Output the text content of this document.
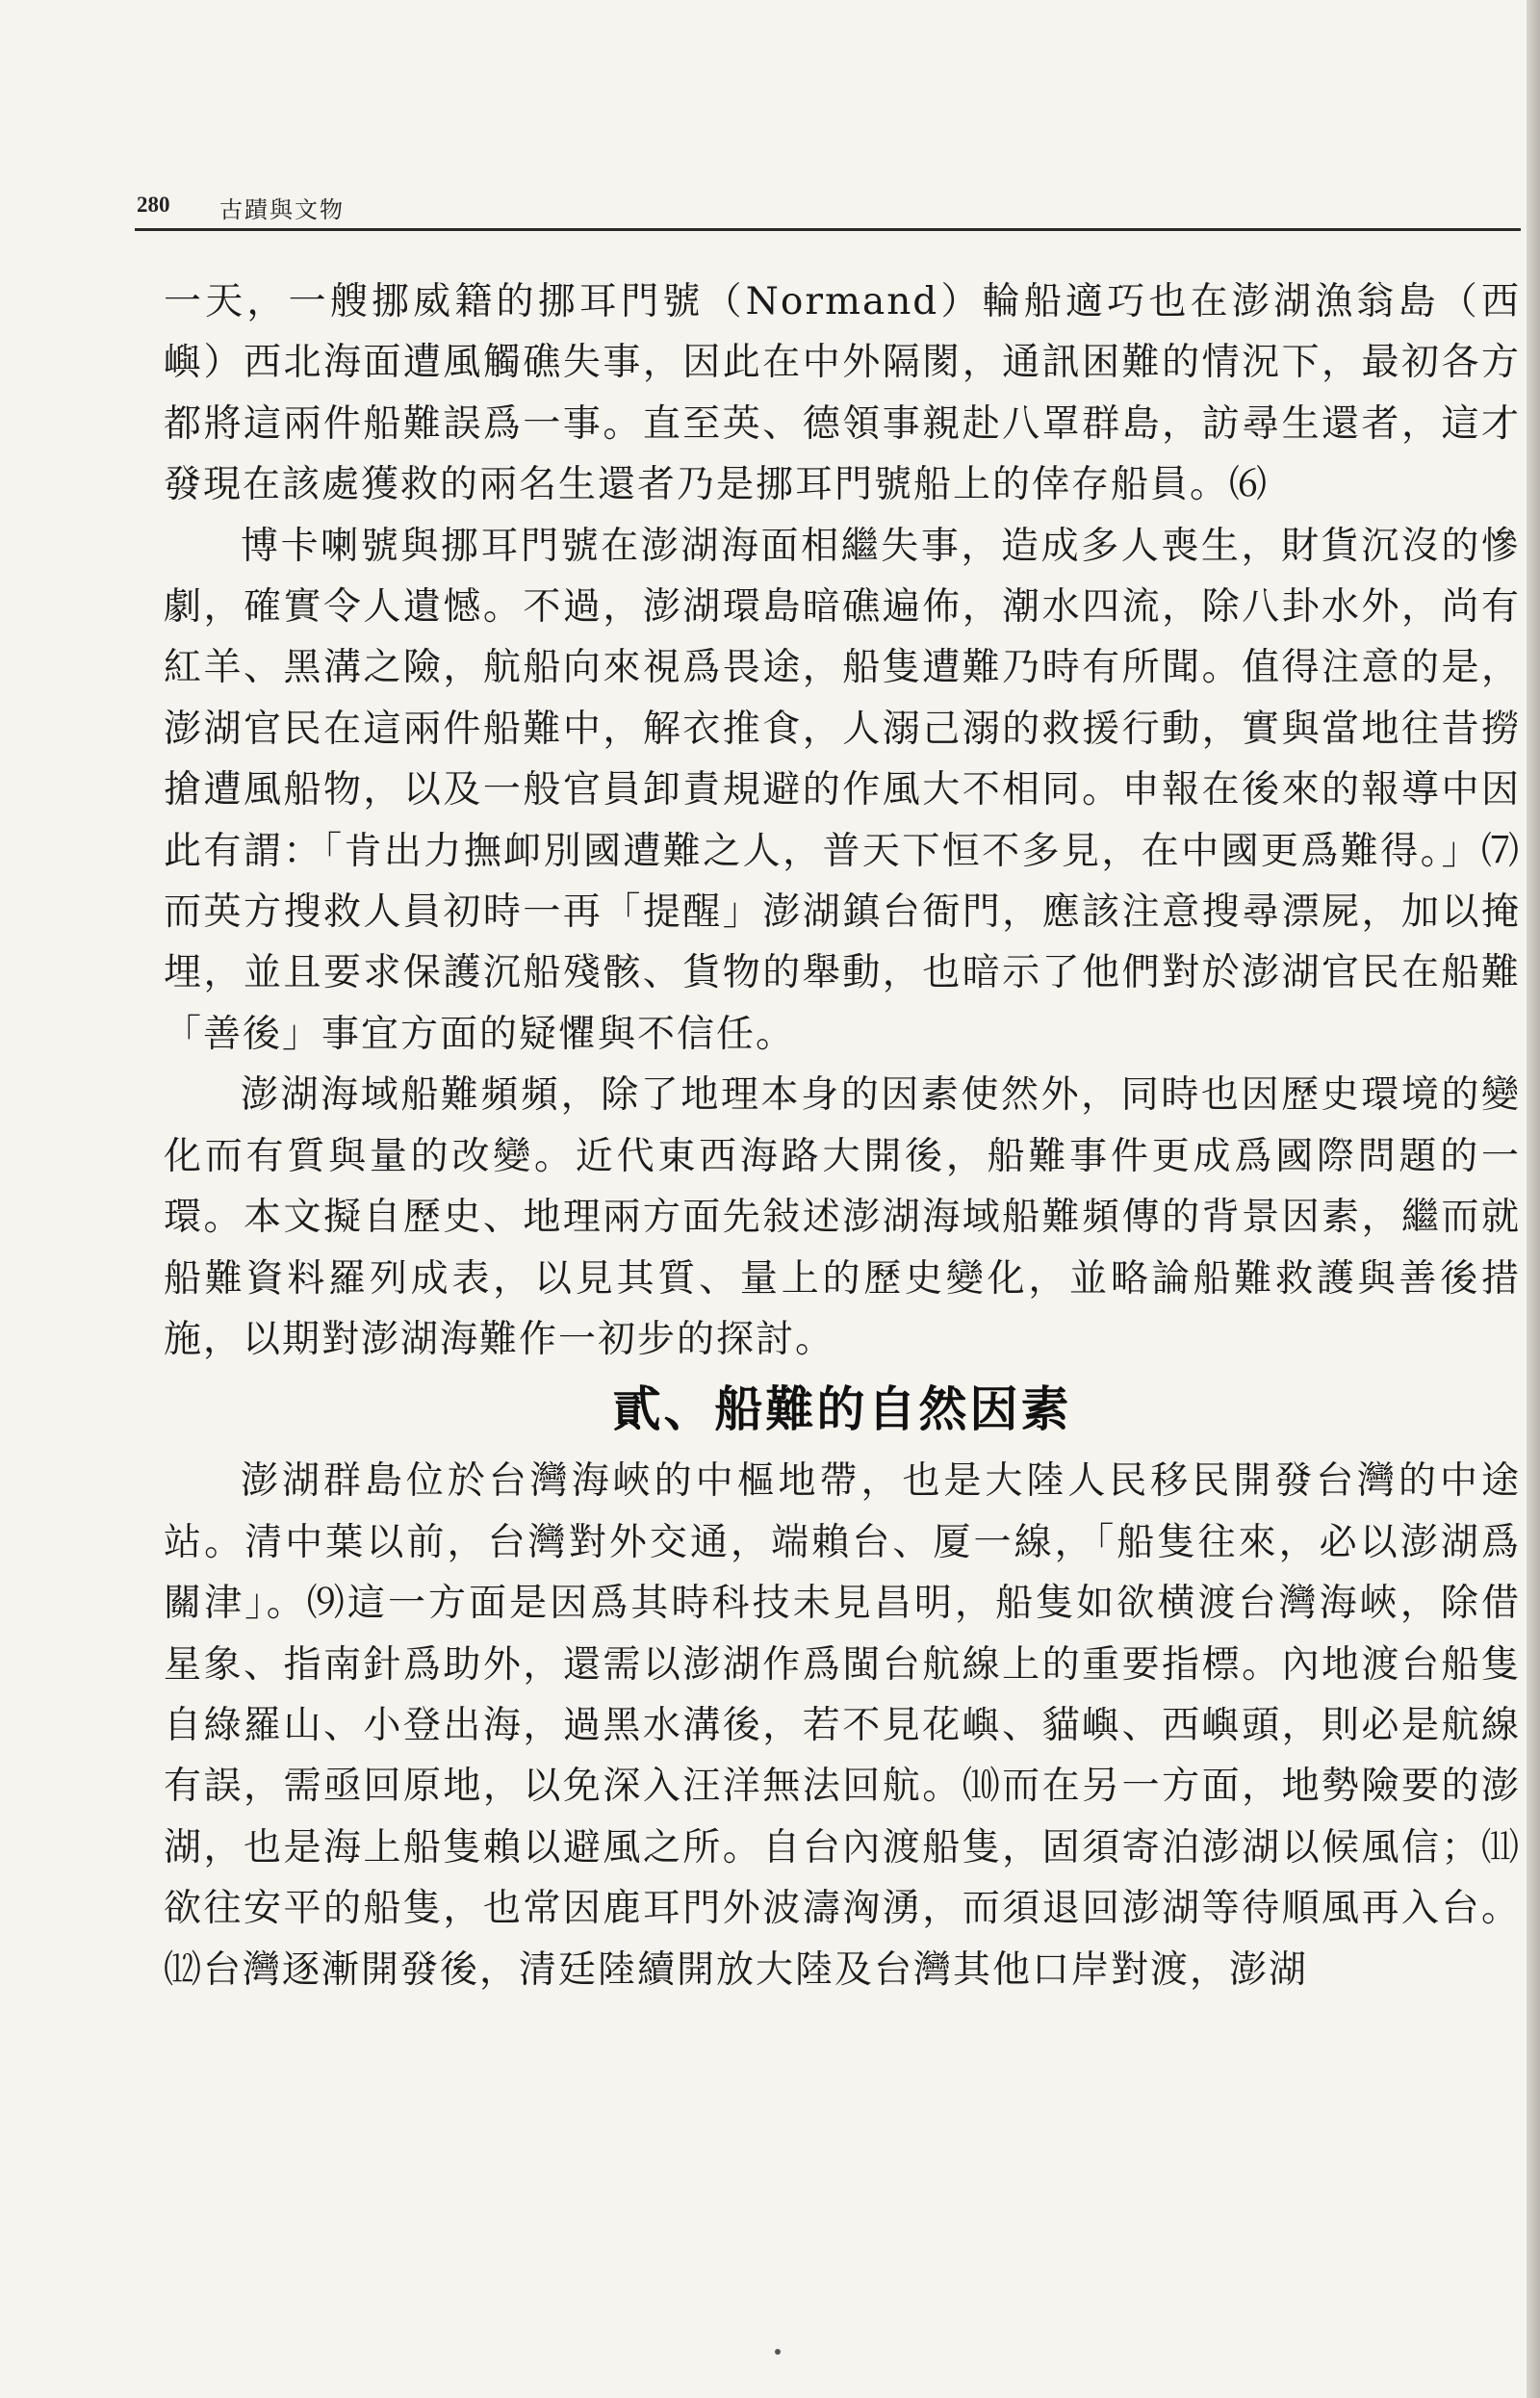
280 古蹟與文物

一天，一艘挪威籍的挪耳門號（Normand）輪船適巧也在澎湖漁翁島（西嶼）西北海面遭風觸礁失事，因此在中外隔閡，通訊困難的情況下，最初各方都將這兩件船難誤爲一事。直至英、德領事親赴八罩群島，訪尋生還者，這才發現在該處獲救的兩名生還者乃是挪耳門號船上的倖存船員。⑹

博卡喇號與挪耳門號在澎湖海面相繼失事，造成多人喪生，財貨沉沒的慘劇，確實令人遺憾。不過，澎湖環島暗礁遍佈，潮水四流，除八卦水外，尚有紅羊、黑溝之險，航船向來視爲畏途，船隻遭難乃時有所聞。值得注意的是，澎湖官民在這兩件船難中，解衣推食，人溺己溺的救援行動，實與當地往昔撈搶遭風船物，以及一般官員卸責規避的作風大不相同。申報在後來的報導中因此有謂：「肯出力撫卹別國遭難之人，普天下恒不多見，在中國更爲難得。」⑺而英方搜救人員初時一再「提醒」澎湖鎮台衙門，應該注意搜尋漂屍，加以掩埋，並且要求保護沉船殘骸、貨物的舉動，也暗示了他們對於澎湖官民在船難「善後」事宜方面的疑懼與不信任。

澎湖海域船難頻頻，除了地理本身的因素使然外，同時也因歷史環境的變化而有質與量的改變。近代東西海路大開後，船難事件更成爲國際問題的一環。本文擬自歷史、地理兩方面先敍述澎湖海域船難頻傳的背景因素，繼而就船難資料羅列成表，以見其質、量上的歷史變化，並略論船難救護與善後措施，以期對澎湖海難作一初步的探討。

貳、船難的自然因素

澎湖群島位於台灣海峽的中樞地帶，也是大陸人民移民開發台灣的中途站。清中葉以前，台灣對外交通，端賴台、厦一線，「船隻往來，必以澎湖爲關津」。⑼這一方面是因爲其時科技未見昌明，船隻如欲横渡台灣海峽，除借星象、指南針爲助外，還需以澎湖作爲閩台航線上的重要指標。內地渡台船隻自綠羅山、小登出海，過黑水溝後，若不見花嶼、貓嶼、西嶼頭，則必是航線有誤，需亟回原地，以免深入汪洋無法回航。⑽而在另一方面，地勢險要的澎湖，也是海上船隻賴以避風之所。自台內渡船隻，固須寄泊澎湖以候風信；⑾欲往安平的船隻，也常因鹿耳門外波濤洶湧，而須退回澎湖等待順風再入台。⑿台灣逐漸開發後，清廷陸續開放大陸及台灣其他口岸對渡，澎湖
